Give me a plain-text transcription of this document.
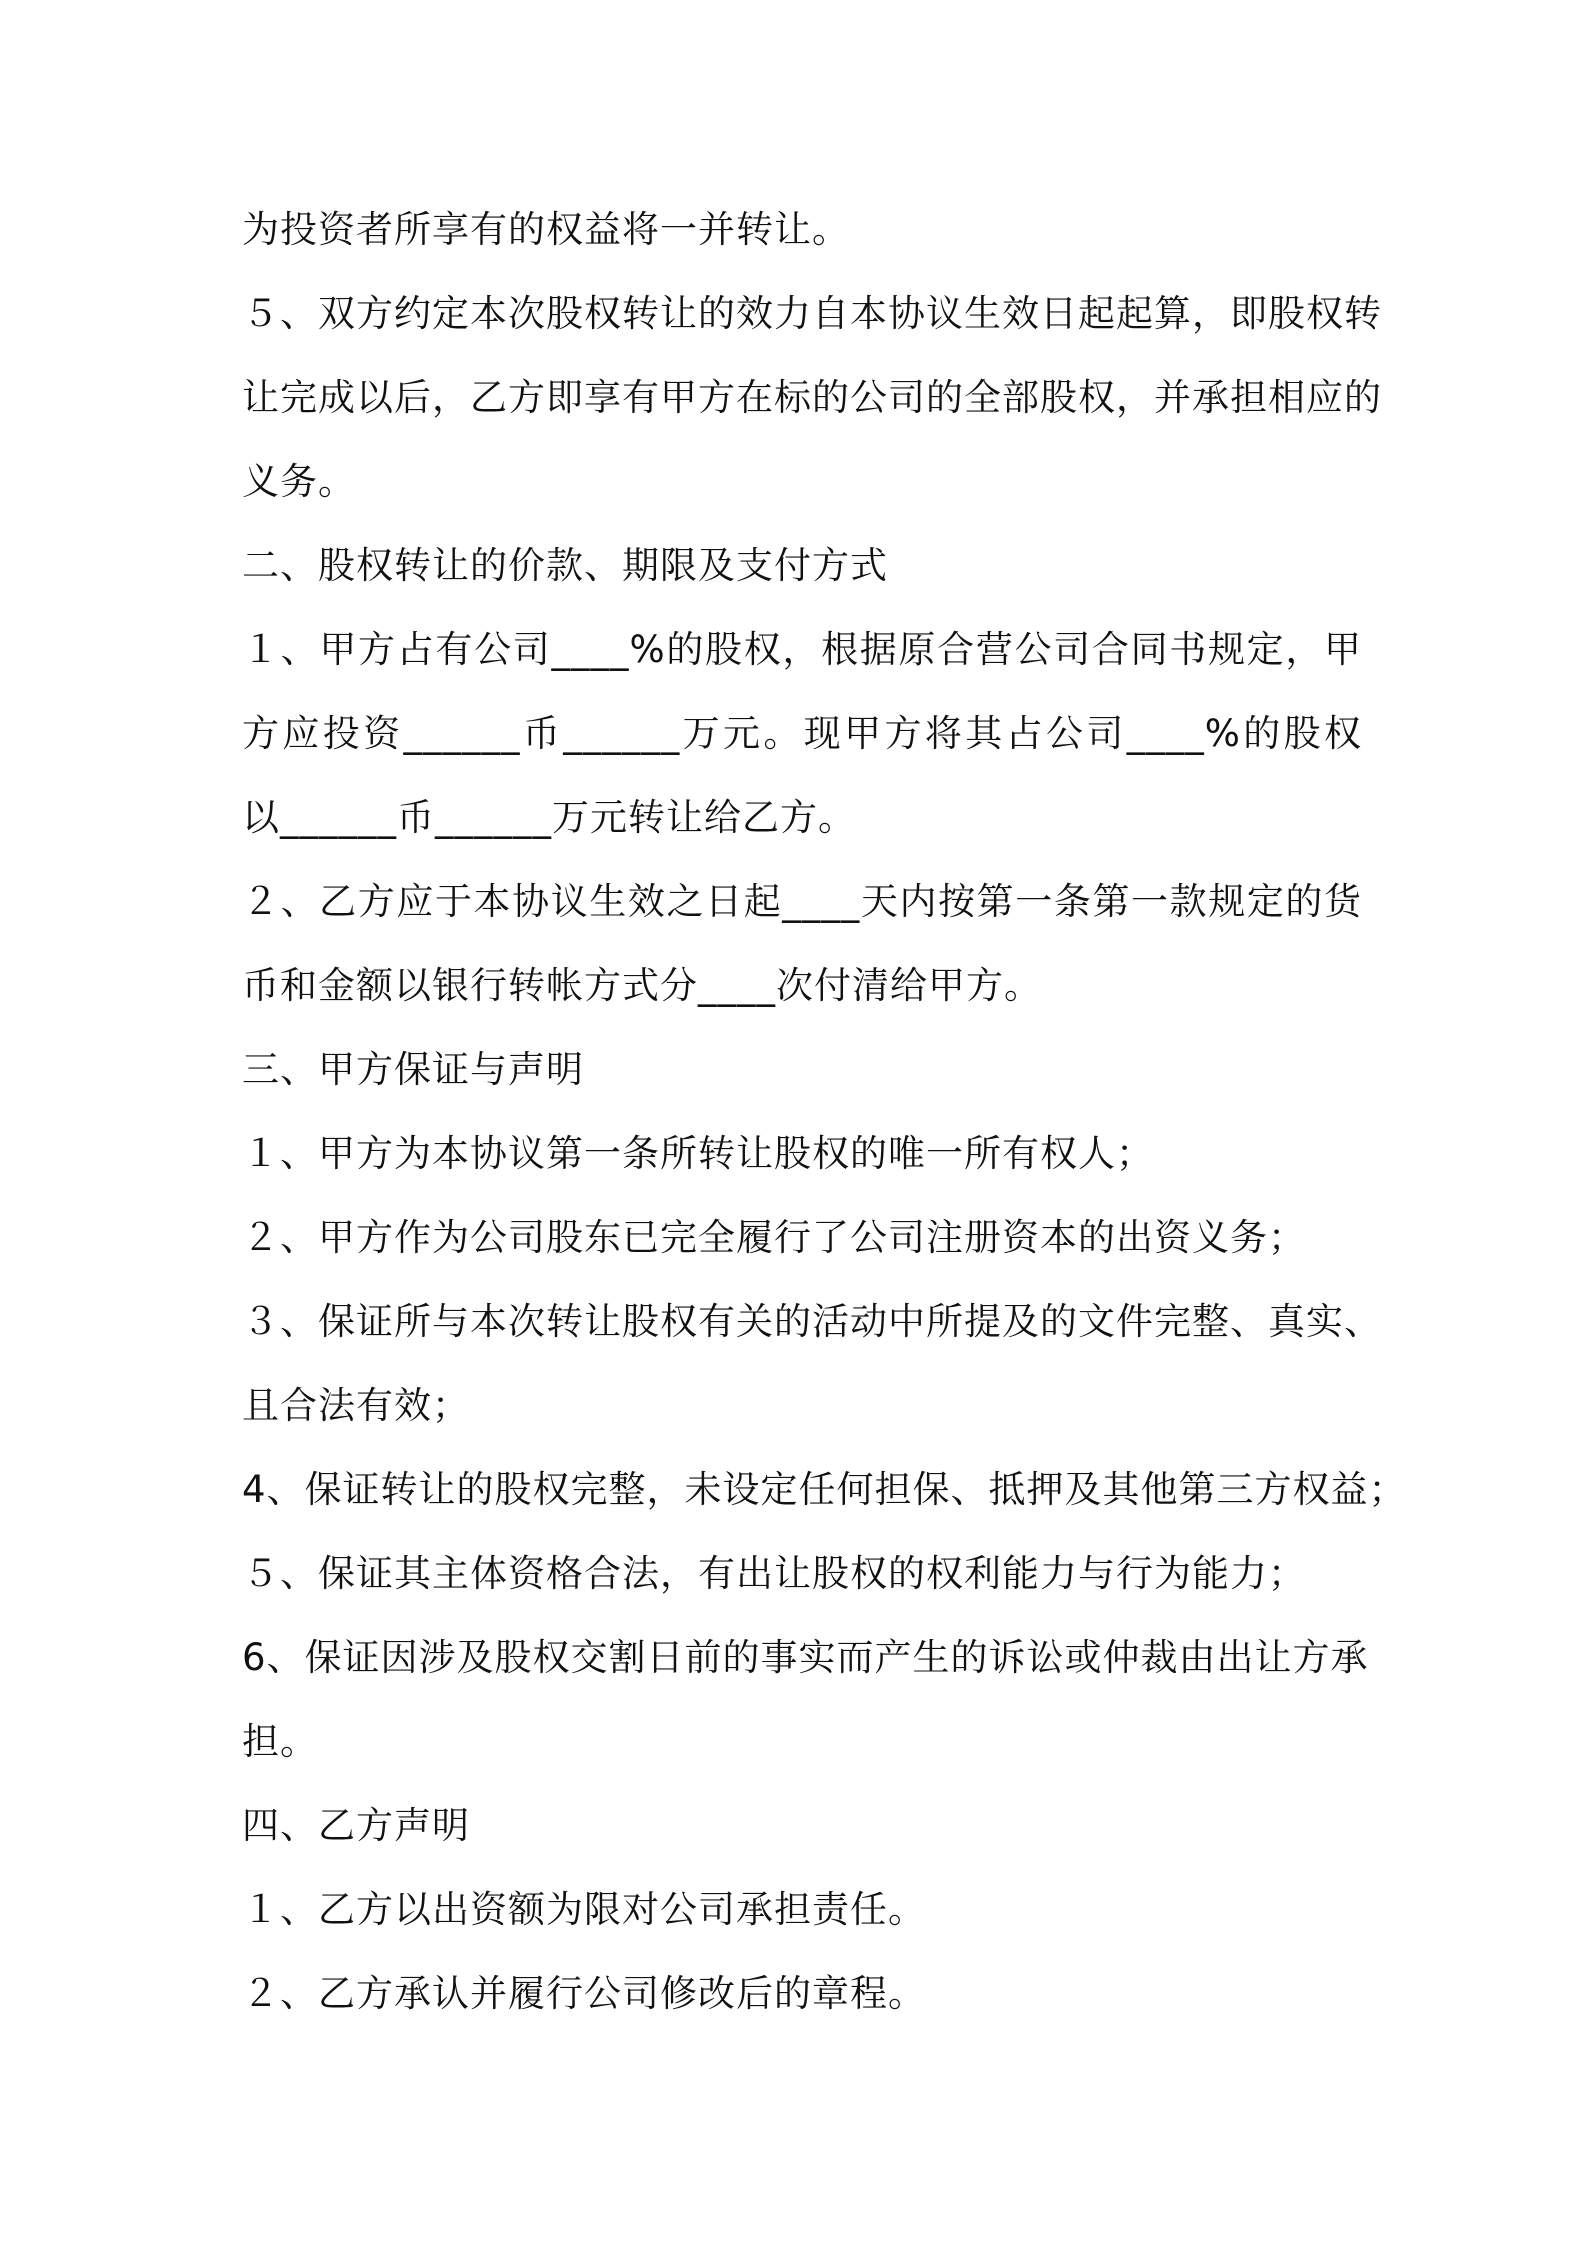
为投资者所享有的权益将一并转让。
５、双方约定本次股权转让的效力自本协议生效日起起算，即股权转
让完成以后，乙方即享有甲方在标的公司的全部股权，并承担相应的
义务。
二、股权转让的价款、期限及支付方式
１、甲方占有公司____%的股权，根据原合营公司合同书规定，甲
方应投资______币______万元。现甲方将其占公司____%的股权
以______币______万元转让给乙方。
２、乙方应于本协议生效之日起____天内按第一条第一款规定的货
币和金额以银行转帐方式分____次付清给甲方。
三、甲方保证与声明
１、甲方为本协议第一条所转让股权的唯一所有权人；
２、甲方作为公司股东已完全履行了公司注册资本的出资义务；
３、保证所与本次转让股权有关的活动中所提及的文件完整、真实、
且合法有效；
4、保证转让的股权完整，未设定任何担保、抵押及其他第三方权益；
５、保证其主体资格合法，有出让股权的权利能力与行为能力；
6、保证因涉及股权交割日前的事实而产生的诉讼或仲裁由出让方承
担。
四、乙方声明
１、乙方以出资额为限对公司承担责任。
２、乙方承认并履行公司修改后的章程。
